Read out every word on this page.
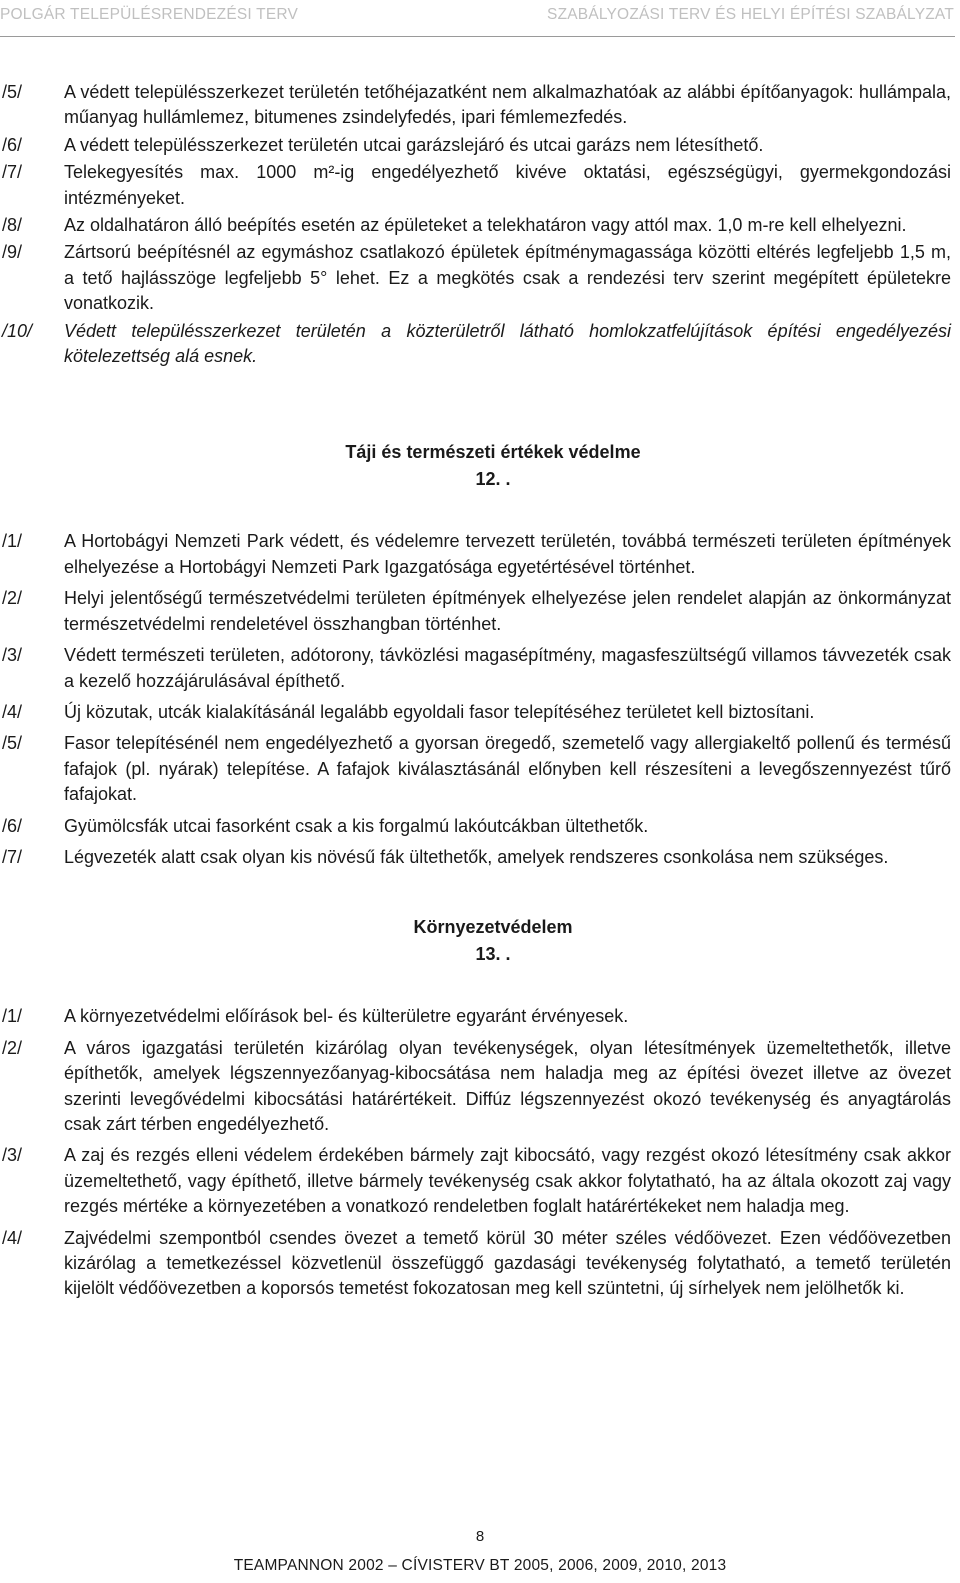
POLGÁR TELEPÜLÉSRENDEZÉSI TERV	SZABÁLYOZÁSI TERV ÉS HELYI ÉPÍTÉSI SZABÁLYZAT
/5/	A védett településszerkezet területén tetőhéjazatként nem alkalmazhatóak az alábbi építőanyagok: hullámpala, műanyag hullámlemez, bitumenes zsindelyfedés, ipari fémlemezfedés.
/6/	A védett településszerkezet területén utcai garázslejáró és utcai garázs nem létesíthető.
/7/	Telekegyesítés max. 1000 m²-ig engedélyezhető kivéve oktatási, egészségügyi, gyermekgondozási intézményeket.
/8/	Az oldalhatáron álló beépítés esetén az épületeket a telekhatáron vagy attól max. 1,0 m-re kell elhelyezni.
/9/	Zártsorú beépítésnél az egymáshoz csatlakozó épületek építménymagassága közötti eltérés legfeljebb 1,5 m, a tető hajlásszöge legfeljebb 5° lehet. Ez a megkötés csak a rendezési terv szerint megépített épületekre vonatkozik.
/10/	Védett településszerkezet területén a közterületről látható homlokzatfelújítások építési engedélyezési kötelezettség alá esnek.
Táji és természeti értékek védelme
12. .
/1/	A Hortobágyi Nemzeti Park védett, és védelemre tervezett területén, továbbá természeti területen építmények elhelyezése a Hortobágyi Nemzeti Park Igazgatósága egyetértésével történhet.
/2/	Helyi jelentőségű természetvédelmi területen építmények elhelyezése jelen rendelet alapján az önkormányzat természetvédelmi rendeletével összhangban történhet.
/3/	Védett természeti területen, adótorony, távközlési magasépítmény, magasfeszültségű villamos távvezeték csak a kezelő hozzájárulásával építhető.
/4/	Új közutak, utcák kialakításánál legalább egyoldali fasor telepítéséhez területet kell biztosítani.
/5/	Fasor telepítésénél nem engedélyezhető a gyorsan öregedő, szemetelő vagy allergiakeltő pollenű és termésű fafajok (pl. nyárak) telepítése. A fafajok kiválasztásánál előnyben kell részesíteni a levegőszennyezést tűrő fafajokat.
/6/	Gyümölcsfák utcai fasorként csak a kis forgalmú lakóutcákban ültethetők.
/7/	Légvezeték alatt csak olyan kis növésű fák ültethetők, amelyek rendszeres csonkolása nem szükséges.
Környezetvédelem
13. .
/1/	A környezetvédelmi előírások bel- és külterületre egyaránt érvényesek.
/2/	A város igazgatási területén kizárólag olyan tevékenységek, olyan létesítmények üzemeltethetők, illetve építhetők, amelyek légszennyezőanyag-kibocsátása nem haladja meg az építési övezet illetve az övezet szerinti levegővédelmi kibocsátási határértékeit. Diffúz légszennyezést okozó tevékenység és anyagtárolás csak zárt térben engedélyezhető.
/3/	A zaj és rezgés elleni védelem érdekében bármely zajt kibocsátó, vagy rezgést okozó létesítmény csak akkor üzemeltethető, vagy építhető, illetve bármely tevékenység csak akkor folytatható, ha az általa okozott zaj vagy rezgés mértéke a környezetében a vonatkozó rendeletben foglalt határértékeket nem haladja meg.
/4/	Zajvédelmi szempontból csendes övezet a temető körül 30 méter széles védőövezet. Ezen védőövezetben kizárólag a temetkezéssel közvetlenül összefüggő gazdasági tevékenység folytatható, a temető területén kijelölt védőövezetben a koporsós temetést fokozatosan meg kell szüntetni, új sírhelyek nem jelölhetők ki.
8
TEAMPANNON 2002 – CÍVISTERV BT 2005, 2006, 2009, 2010, 2013
